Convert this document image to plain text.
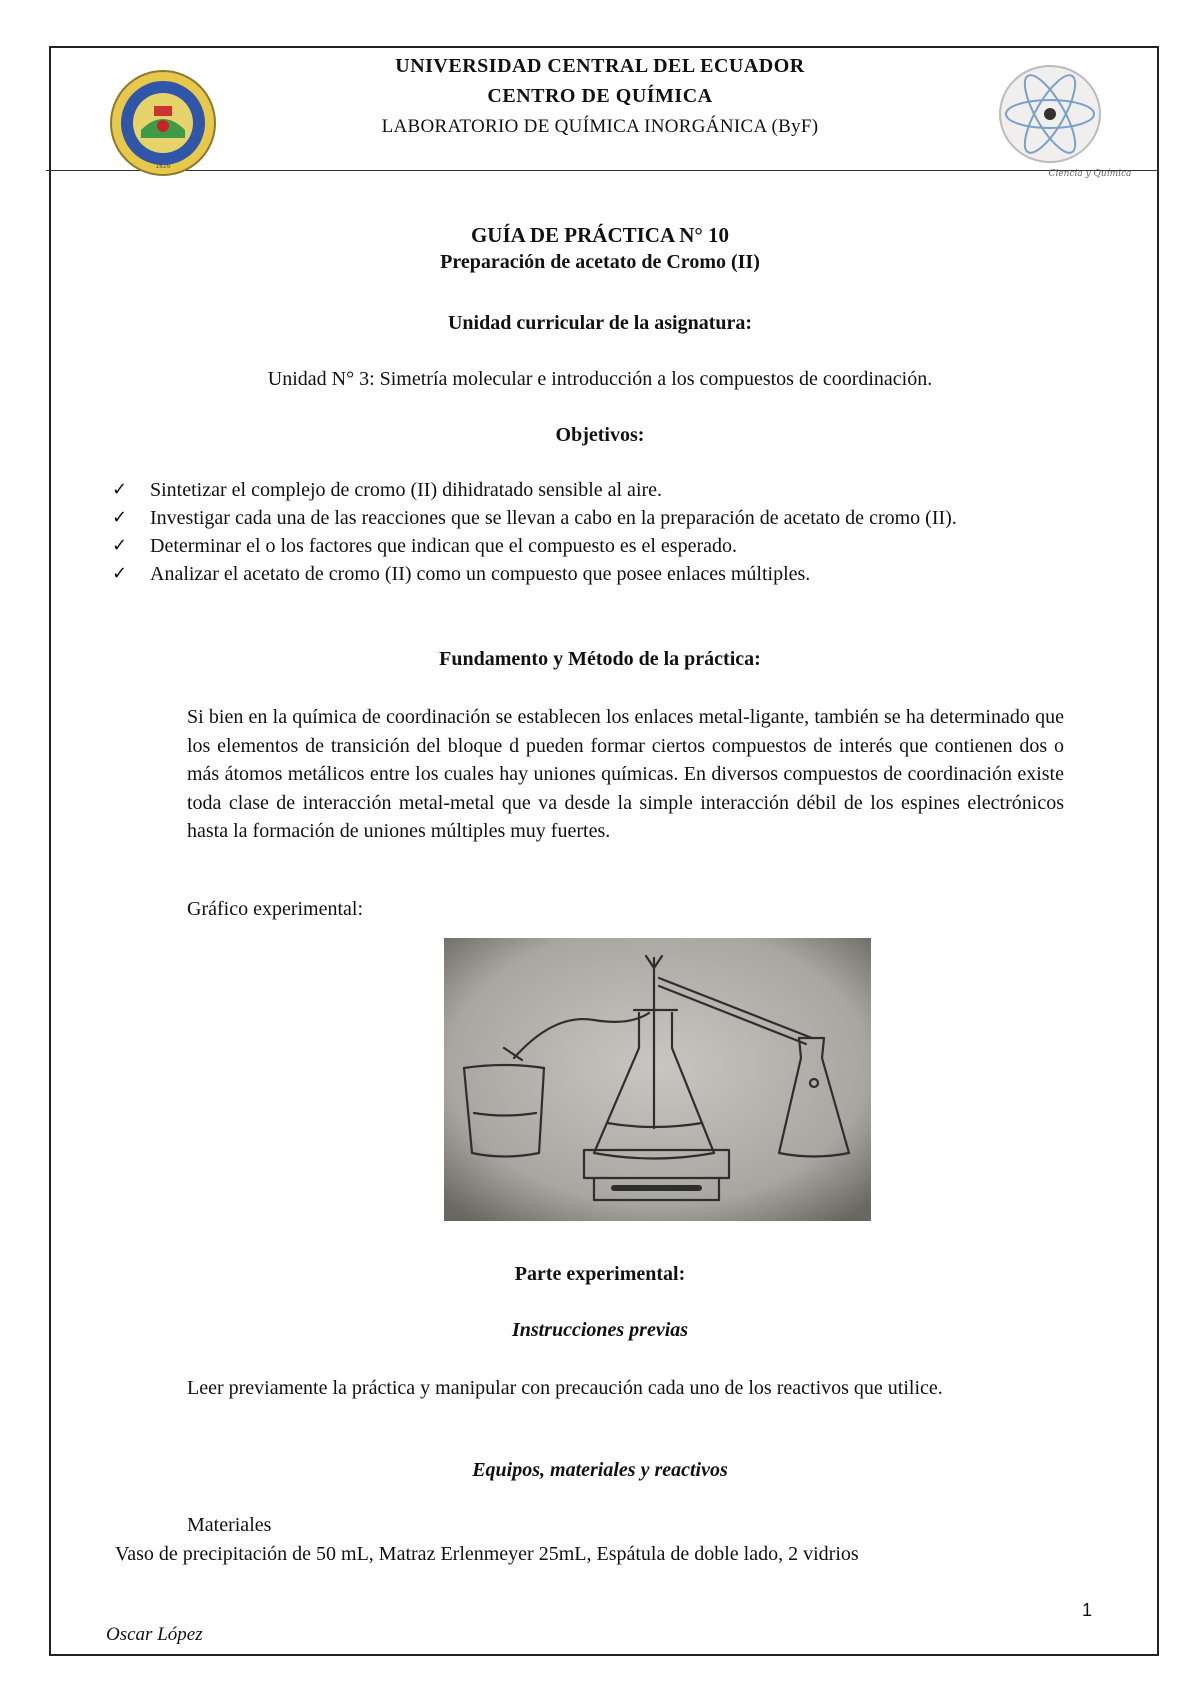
1826
Ciencia y Química
UNIVERSIDAD CENTRAL DEL ECUADOR
CENTRO DE QUÍMICA
LABORATORIO DE QUÍMICA INORGÁNICA (ByF)
GUÍA DE PRÁCTICA N° 10
Preparación de acetato de Cromo (II)
Unidad curricular de la asignatura:
Unidad N° 3: Simetría molecular e introducción a los compuestos de coordinación.
Objetivos:
✓ Sintetizar el complejo de cromo (II) dihidratado sensible al aire.
✓ Investigar cada una de las reacciones que se llevan a cabo en la preparación de acetato de cromo (II).
✓ Determinar el o los factores que indican que el compuesto es el esperado.
✓ Analizar el acetato de cromo (II) como un compuesto que posee enlaces múltiples.
Fundamento y Método de la práctica:
Si bien en la química de coordinación se establecen los enlaces metal-ligante, también se ha determinado que los elementos de transición del bloque d pueden formar ciertos compuestos de interés que contienen dos o más átomos metálicos entre los cuales hay uniones químicas. En diversos compuestos de coordinación existe toda clase de interacción metal-metal que va desde la simple interacción débil de los espines electrónicos hasta la formación de uniones múltiples muy fuertes.
Gráfico experimental:
Parte experimental:
Instrucciones previas
Leer previamente la práctica y manipular con precaución cada uno de los reactivos que utilice.
Equipos, materiales y reactivos
Materiales
Vaso de precipitación de 50 mL, Matraz Erlenmeyer 25mL, Espátula de doble lado, 2 vidrios
1
Oscar López
